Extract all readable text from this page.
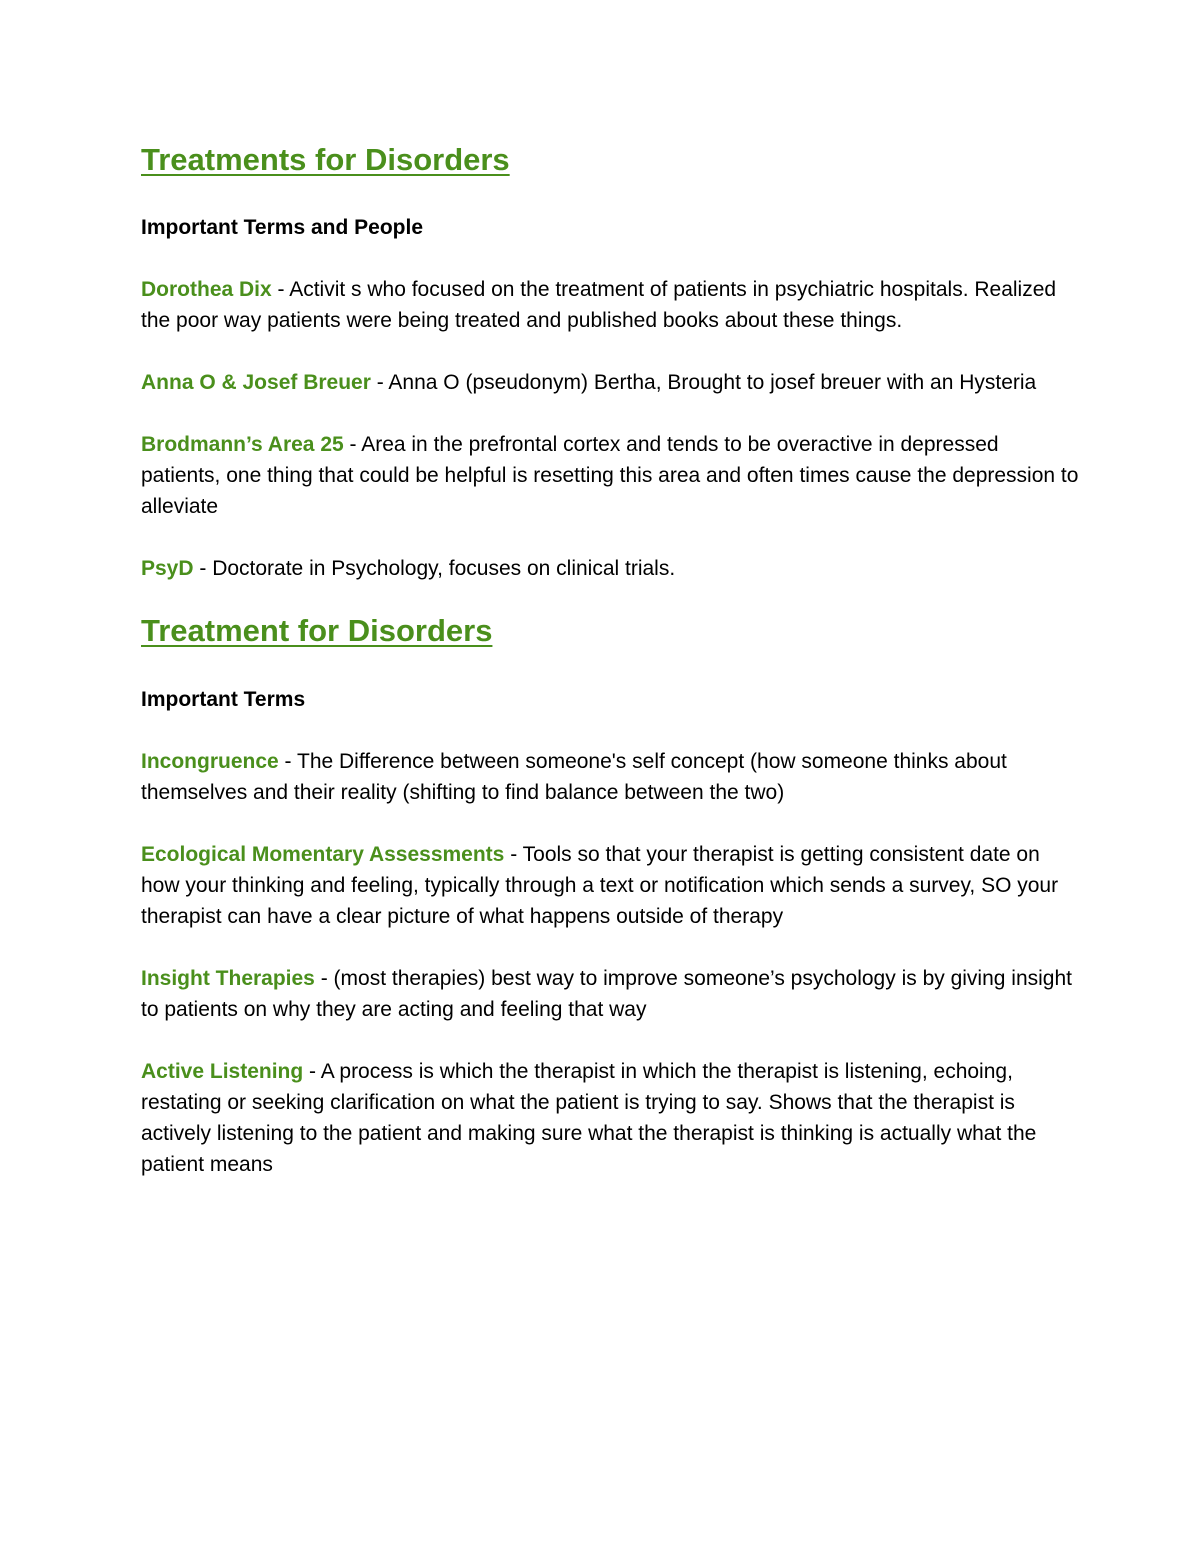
Treatments for Disorders

Important Terms and People

Dorothea Dix - Activit s who focused on the treatment of patients in psychiatric hospitals. Realized the poor way patients were being treated and published books about these things.

Anna O & Josef Breuer - Anna O (pseudonym) Bertha, Brought to josef breuer with an Hysteria

Brodmann’s Area 25 - Area in the prefrontal cortex and tends to be overactive in depressed patients, one thing that could be helpful is resetting this area and often times cause the depression to alleviate

PsyD - Doctorate in Psychology, focuses on clinical trials.

Treatment for Disorders

Important Terms

Incongruence - The Difference between someone's self concept (how someone thinks about themselves and their reality (shifting to find balance between the two)

Ecological Momentary Assessments - Tools so that your therapist is getting consistent date on how your thinking and feeling, typically through a text or notification which sends a survey, SO your therapist can have a clear picture of what happens outside of therapy

Insight Therapies - (most therapies) best way to improve someone’s psychology is by giving insight to patients on why they are acting and feeling that way

Active Listening - A process is which the therapist in which the therapist is listening, echoing, restating or seeking clarification on what the patient is trying to say. Shows that the therapist is actively listening to the patient and making sure what the therapist is thinking is actually what the patient means
